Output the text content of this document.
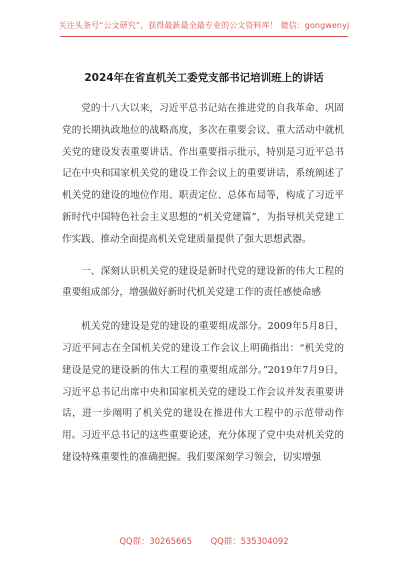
关注头条号“公文研究”，获得最新最全最专业的公文资料库！ 微信：gongwenyj
2024年在省直机关工委党支部书记培训班上的讲话

党的十八大以来，习近平总书记站在推进党的自我革命、巩固党的长期执政地位的战略高度，多次在重要会议、重大活动中就机关党的建设发表重要讲话、作出重要指示批示，特别是习近平总书记在中央和国家机关党的建设工作会议上的重要讲话，系统阐述了机关党的建设的地位作用、职责定位、总体布局等，构成了习近平新时代中国特色社会主义思想的“机关党建篇”，为指导机关党建工作实践、推动全面提高机关党建质量提供了强大思想武器。

一、深刻认识机关党的建设是新时代党的建设新的伟大工程的重要组成部分，增强做好新时代机关党建工作的责任感使命感

机关党的建设是党的建设的重要组成部分。2009年5月8日，习近平同志在全国机关党的建设工作会议上明确指出：“机关党的建设是党的建设新的伟大工程的重要组成部分。”2019年7月9日，习近平总书记出席中央和国家机关党的建设工作会议并发表重要讲话，进一步阐明了机关党的建设在推进伟大工程中的示范带动作用。习近平总书记的这些重要论述，充分体现了党中央对机关党的建设特殊重要性的准确把握。我们要深刻学习领会，切实增强

QQ群：30265665 QQ群：535304092
